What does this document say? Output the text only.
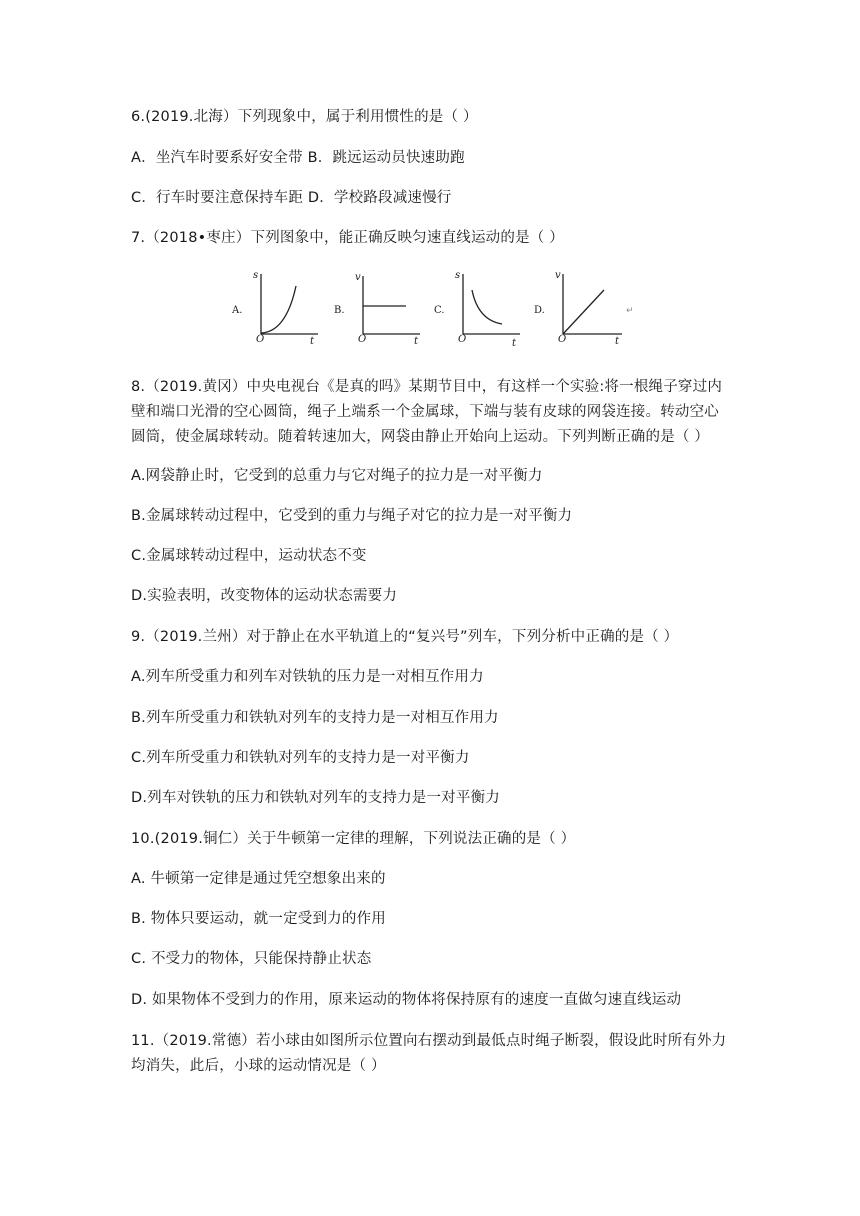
6.(2019.北海）下列现象中，属于利用惯性的是（ ）
A．坐汽车时要系好安全带 B．跳远运动员快速助跑
C．行车时要注意保持车距 D．学校路段减速慢行
7.（2018•枣庄）下列图象中，能正确反映匀速直线运动的是（ ）
A.
s
t
O
B.
v
t
O
C.
s
t
O
D.
v
t
O
↵
8.（2019.黄冈）中央电视台《是真的吗》某期节目中，有这样一个实验:将一根绳子穿过内
壁和端口光滑的空心圆筒，绳子上端系一个金属球，下端与装有皮球的网袋连接。转动空心
圆筒，使金属球转动。随着转速加大，网袋由静止开始向上运动。下列判断正确的是（ ）
A.网袋静止时，它受到的总重力与它对绳子的拉力是一对平衡力
B.金属球转动过程中，它受到的重力与绳子对它的拉力是一对平衡力
C.金属球转动过程中，运动状态不变
D.实验表明，改变物体的运动状态需要力
9.（2019.兰州）对于静止在水平轨道上的“复兴号”列车，下列分析中正确的是（ ）
A.列车所受重力和列车对铁轨的压力是一对相互作用力
B.列车所受重力和铁轨对列车的支持力是一对相互作用力
C.列车所受重力和铁轨对列车的支持力是一对平衡力
D.列车对铁轨的压力和铁轨对列车的支持力是一对平衡力
10.(2019.铜仁）关于牛顿第一定律的理解，下列说法正确的是（ ）
A. 牛顿第一定律是通过凭空想象出来的
B. 物体只要运动，就一定受到力的作用
C. 不受力的物体，只能保持静止状态
D. 如果物体不受到力的作用，原来运动的物体将保持原有的速度一直做匀速直线运动
11.（2019.常德）若小球由如图所示位置向右摆动到最低点时绳子断裂，假设此时所有外力
均消失，此后，小球的运动情况是（ ）
